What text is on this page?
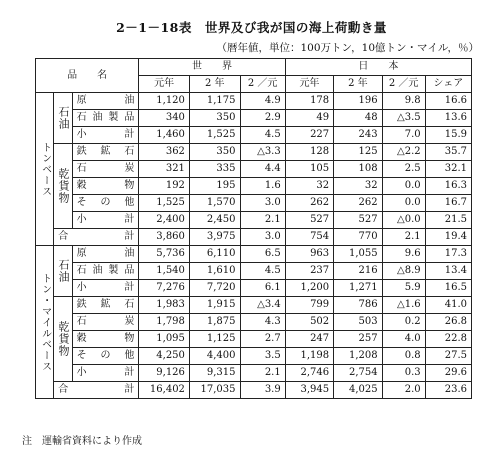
2－1－18表　世界及び我が国の海上荷動き量
（暦年値，単位：100万トン，10億トン・マイル，％）
品　　名			世　　界			日　　本			
			元年	2 年	2 ／元	元年	2 年	2 ／元	シェア
トンベース	石油	原　　油	1,120	1,175	4.9	178	196	9.8	16.6
		石油製品	340	350	2.9	49	48	△3.5	13.6
		小　　計	1,460	1,525	4.5	227	243	7.0	15.9
	乾貨物	鉄 鉱 石	362	350	△3.3	128	125	△2.2	35.7
		石　　炭	321	335	4.4	105	108	2.5	32.1
		穀　　物	192	195	1.6	32	32	0.0	16.3
		そ の 他	1,525	1,570	3.0	262	262	0.0	16.7
		小　　計	2,400	2,450	2.1	527	527	△0.0	21.5
	合　　　　計		3,860	3,975	3.0	754	770	2.1	19.4
トン・マイルベース	石油	原　　油	5,736	6,110	6.5	963	1,055	9.6	17.3
		石油製品	1,540	1,610	4.5	237	216	△8.9	13.4
		小　　計	7,276	7,720	6.1	1,200	1,271	5.9	16.5
	乾貨物	鉄 鉱 石	1,983	1,915	△3.4	799	786	△1.6	41.0
		石　　炭	1,798	1,875	4.3	502	503	0.2	26.8
		穀　　物	1,095	1,125	2.7	247	257	4.0	22.8
		そ の 他	4,250	4,400	3.5	1,198	1,208	0.8	27.5
		小　　計	9,126	9,315	2.1	2,746	2,754	0.3	29.6
	合　　　　計		16,402	17,035	3.9	3,945	4,025	2.0	23.6
注　運輸省資料により作成
